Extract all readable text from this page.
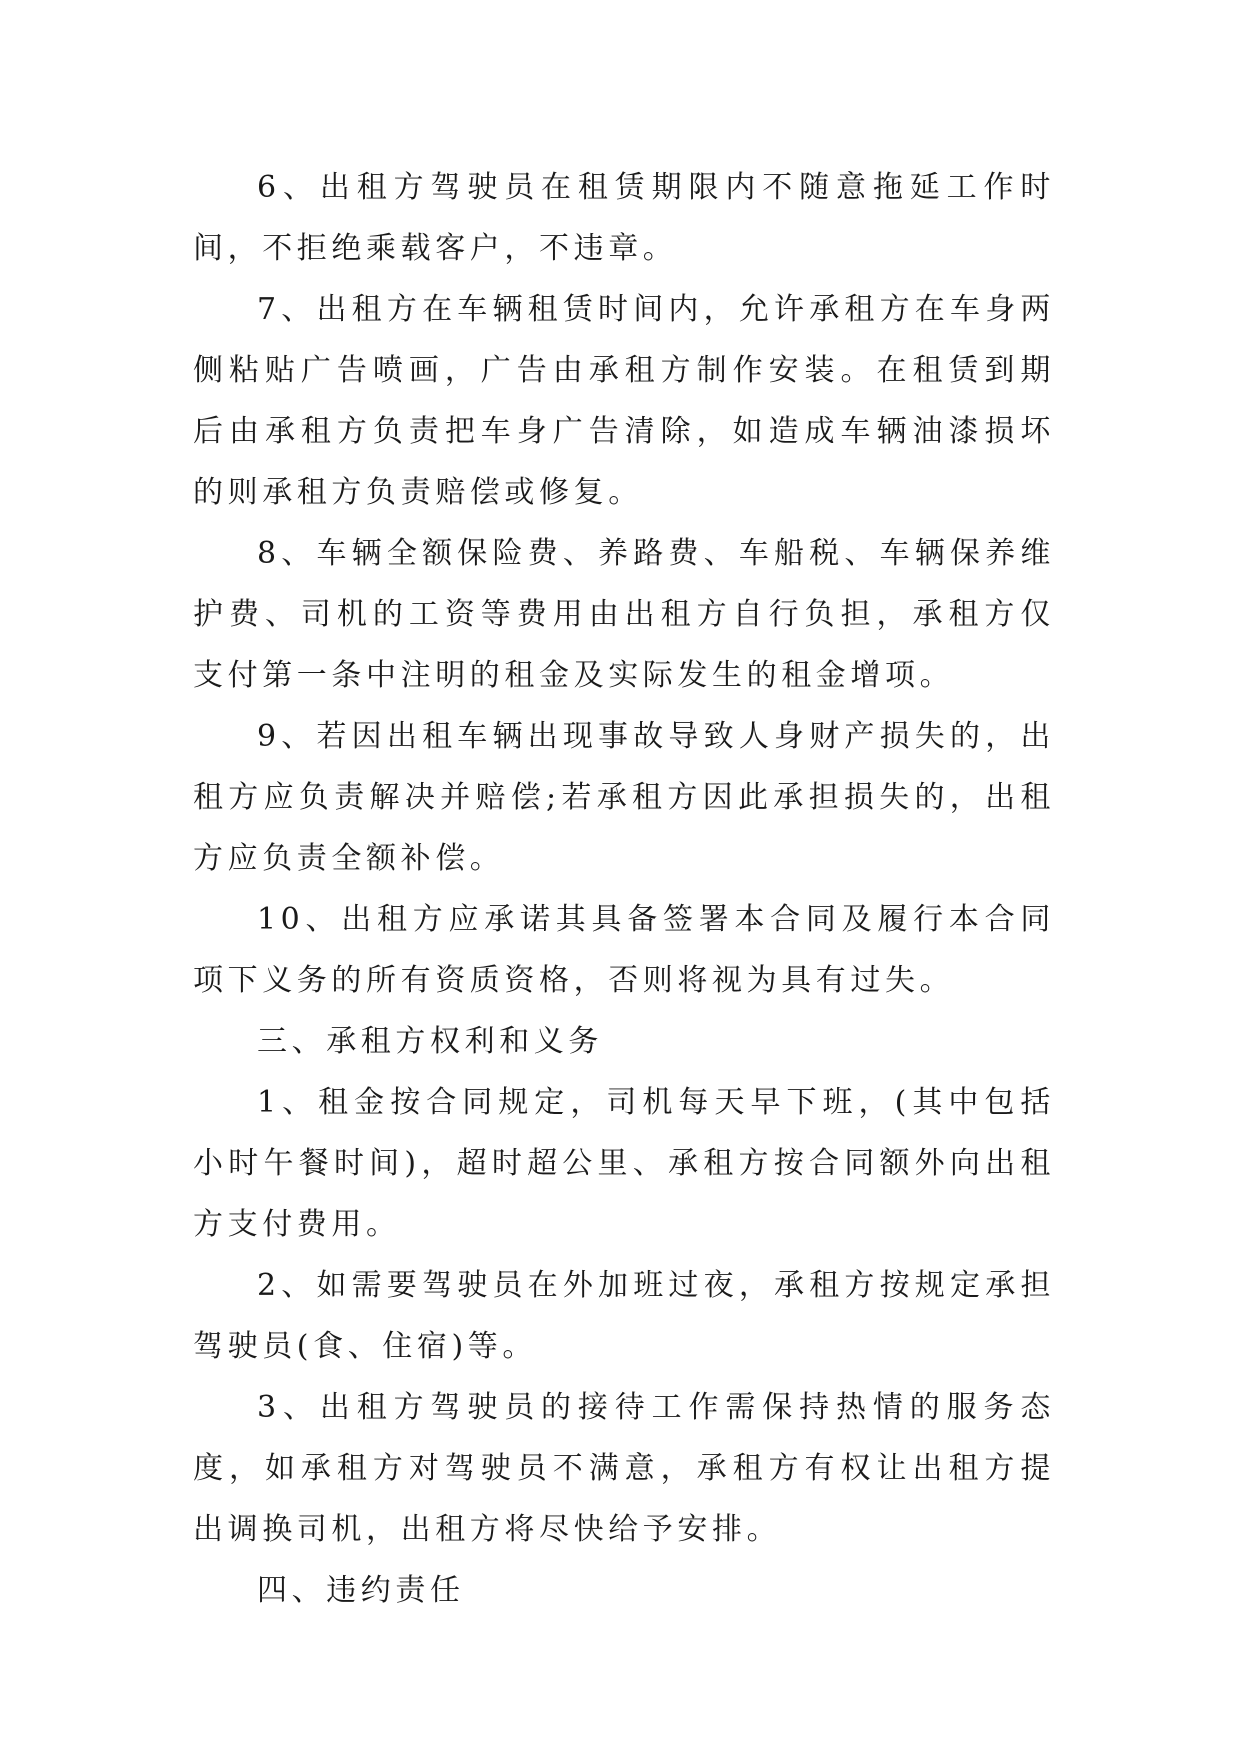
6、出租方驾驶员在租赁期限内不随意拖延工作时间，不拒绝乘载客户，不违章。

7、出租方在车辆租赁时间内，允许承租方在车身两侧粘贴广告喷画，广告由承租方制作安装。在租赁到期后由承租方负责把车身广告清除，如造成车辆油漆损坏的则承租方负责赔偿或修复。

8、车辆全额保险费、养路费、车船税、车辆保养维护费、司机的工资等费用由出租方自行负担，承租方仅支付第一条中注明的租金及实际发生的租金增项。

9、若因出租车辆出现事故导致人身财产损失的，出租方应负责解决并赔偿;若承租方因此承担损失的，出租方应负责全额补偿。

10、出租方应承诺其具备签署本合同及履行本合同项下义务的所有资质资格，否则将视为具有过失。

三、承租方权利和义务

1、租金按合同规定，司机每天早下班，(其中包括小时午餐时间)，超时超公里、承租方按合同额外向出租方支付费用。

2、如需要驾驶员在外加班过夜，承租方按规定承担驾驶员(食、住宿)等。

3、出租方驾驶员的接待工作需保持热情的服务态度，如承租方对驾驶员不满意，承租方有权让出租方提出调换司机，出租方将尽快给予安排。

四、违约责任
